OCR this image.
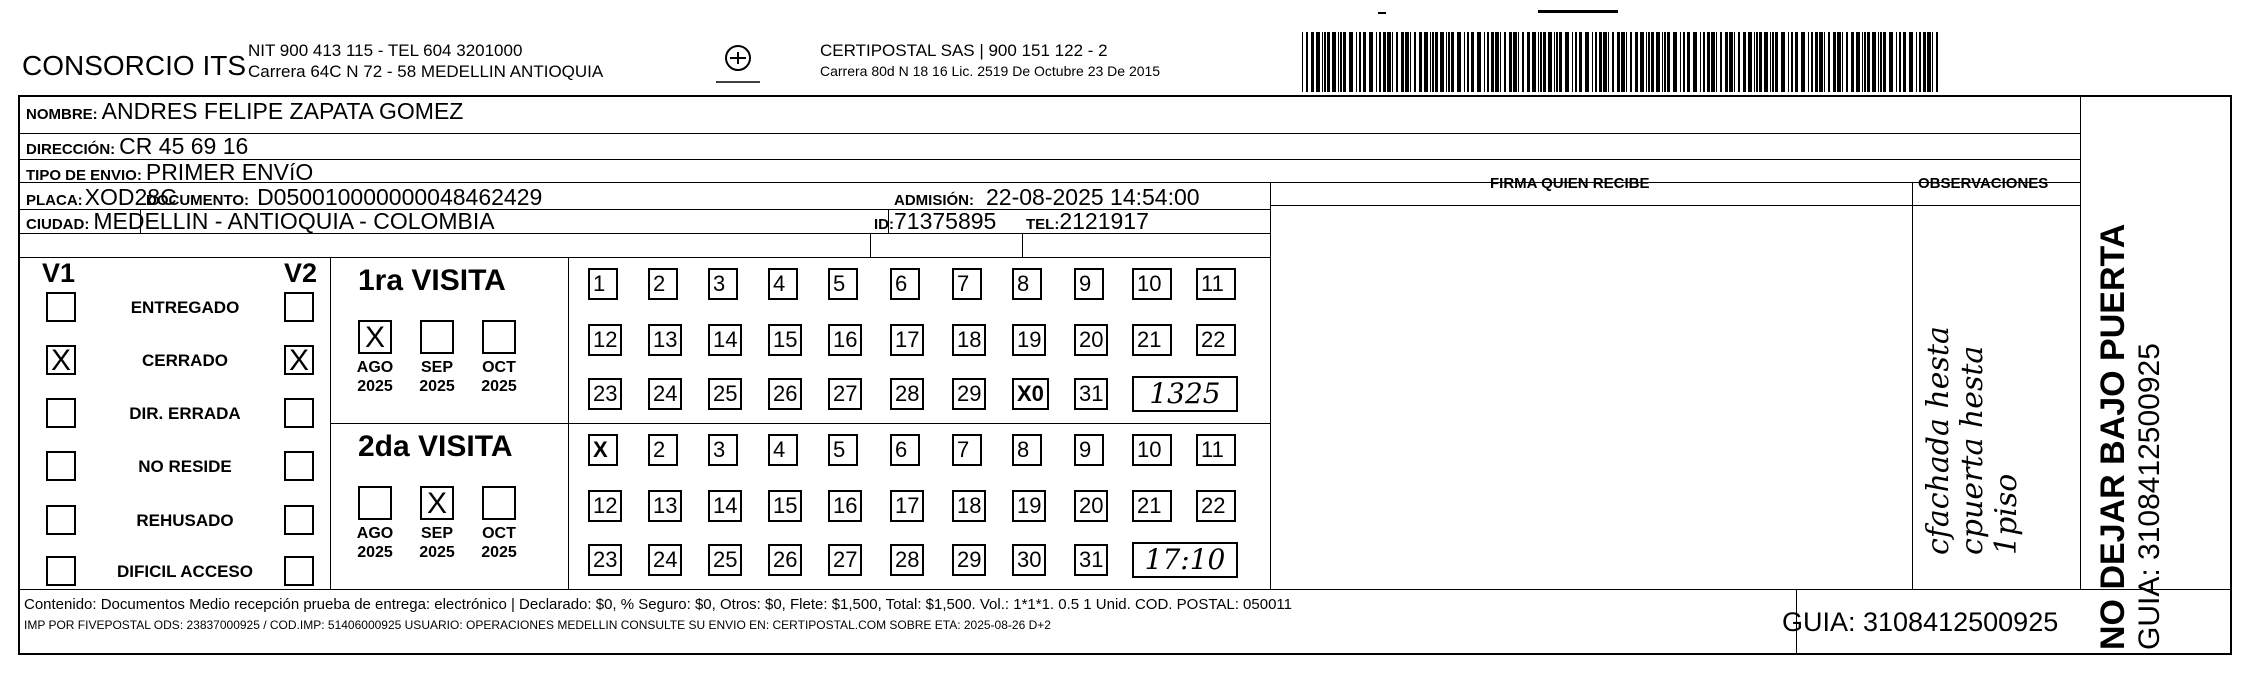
CONSORCIO ITS NIT 900 413 115 - TEL 604 3201000
Carrera 64C N 72 - 58 MEDELLIN ANTIOQUIA
CERTIPOSTAL SAS | 900 151 122 - 2
Carrera 80d N 18 16 Lic. 2519 De Octubre 23 De 2015
NOMBRE: ANDRES FELIPE ZAPATA GOMEZ
DIRECCIÓN: CR 45 69 16
TIPO DE ENVIO: PRIMER ENVíO
PLACA: XOD28C
DOCUMENTO: D050010000000048462429	ADMISIÓN: 22-08-2025 14:54:00
CIUDAD: MEDELLIN - ANTIOQUIA - COLOMBIA	ID: 71375895 TEL: 2121917
FIRMA QUIEN RECIBE	OBSERVACIONES
NO DEJAR BAJO PUERTA GUIA: 3108412500925
V1	V2
ENTREGADO
X	CERRADO	X
DIR. ERRADA
NO RESIDE
REHUSADO
DIFICIL ACCESO
1ra VISITA
X
AGO
2025
SEP
2025
OCT
2025
1	2	3	4	5	6	7	8	9	10	11
12 13 14 15 16 17 18 19 20 21	22
23 24 25 26 27 28 29 X0 31	1325
2da VISITA
AGO
2025
X
SEP
2025
OCT
2025
X	2	3	4	5	6	7	8	9	10	11
12 13 14 15 16 17 18 19 20 21	22
23 24 25 26 27 28 29 30 31	17:10
cfachada hesta cpuerta hesta 1piso
Contenido: Documentos Medio recepción prueba de entrega: electrónico | Declarado: $0, % Seguro: $0, Otros: $0, Flete: $1,500, Total: $1,500. Vol.: 1*1*1. 0.5 1 Unid. COD. POSTAL: 050011
IMP POR FIVEPOSTAL ODS: 23837000925 / COD.IMP: 51406000925 USUARIO: OPERACIONES MEDELLIN CONSULTE SU ENVIO EN: CERTIPOSTAL.COM SOBRE ETA: 2025-08-26 D+2	GUIA: 3108412500925
